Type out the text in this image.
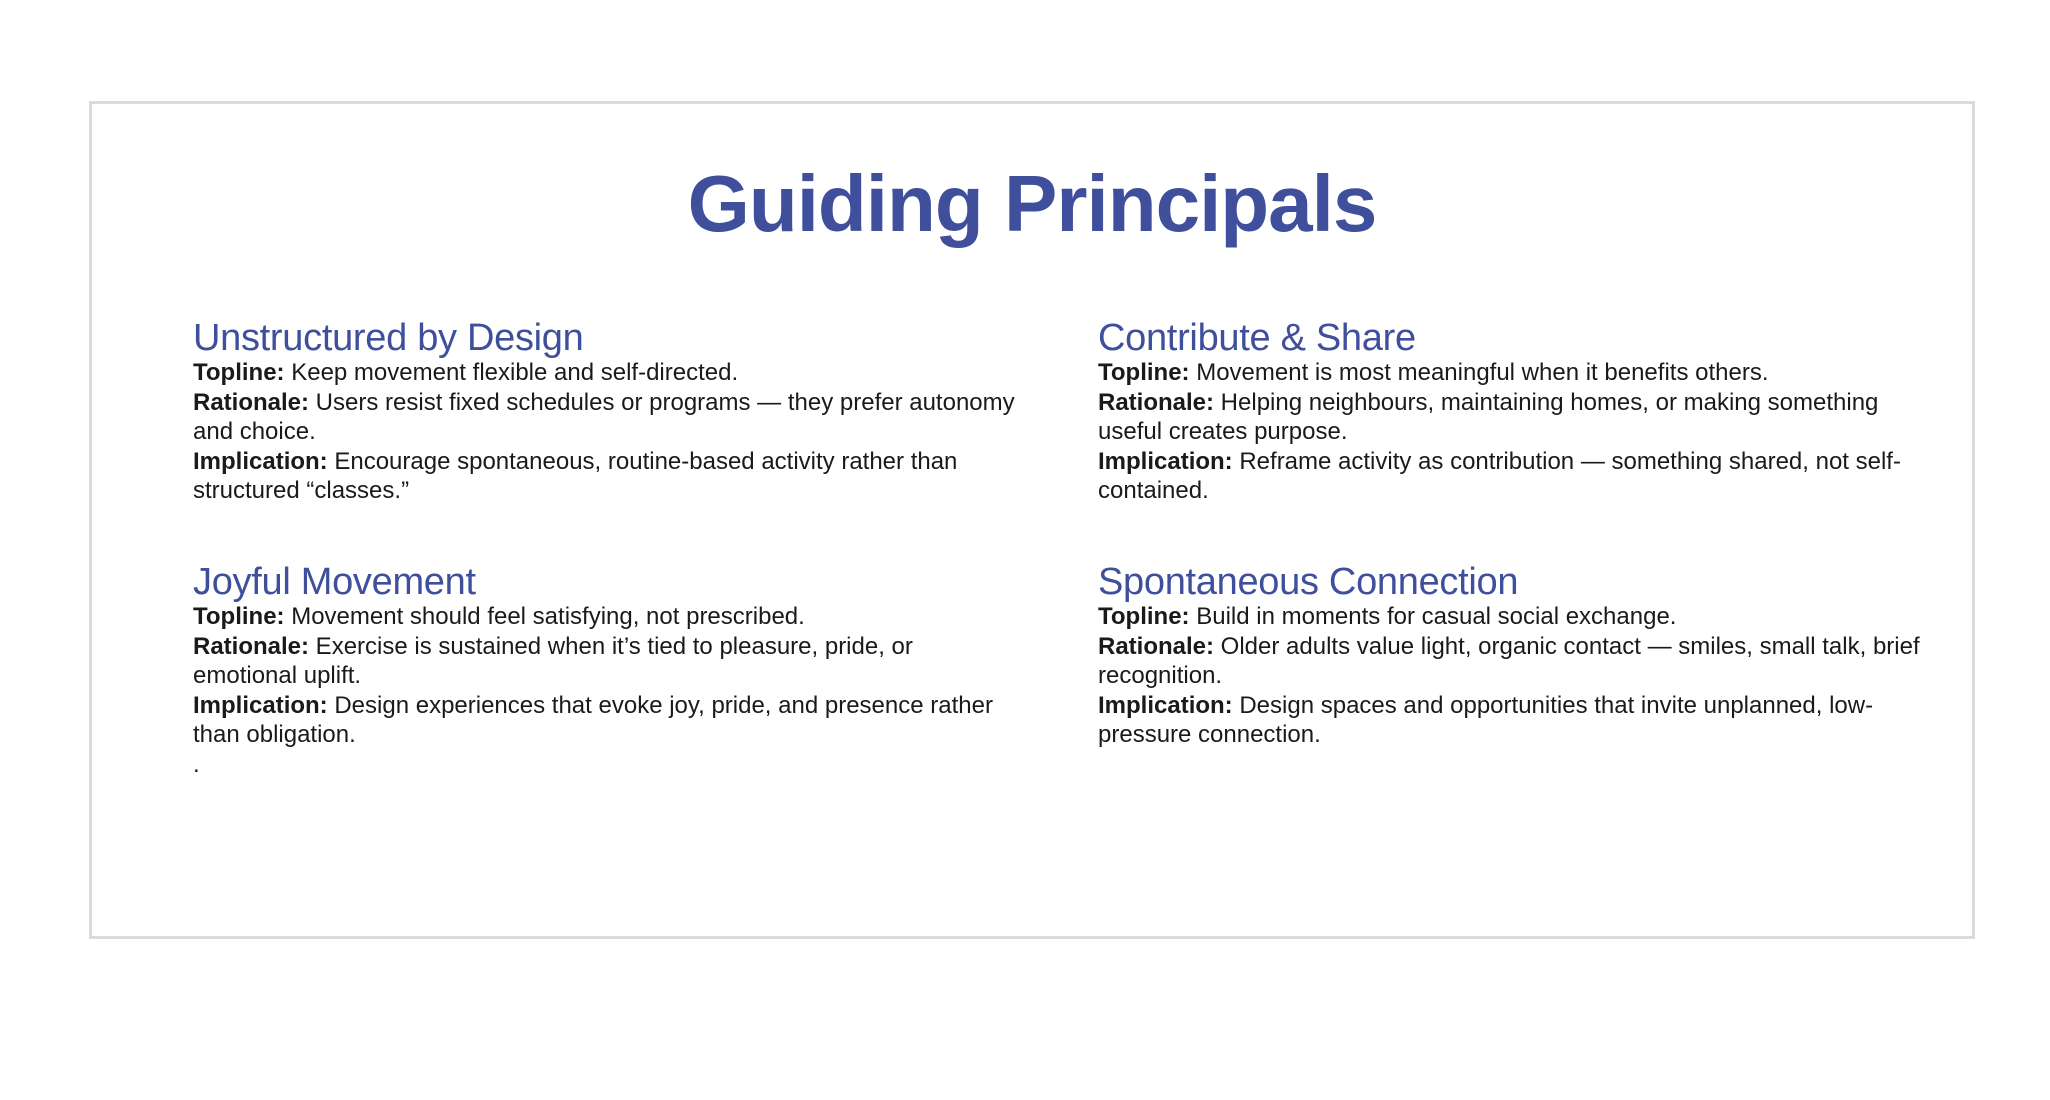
Guiding Principals
Unstructured by Design

Topline: Keep movement flexible and self-directed.

Rationale: Users resist fixed schedules or programs — they prefer autonomy and choice.

Implication: Encourage spontaneous, routine-based activity rather than structured “classes.”

Contribute & Share

Topline: Movement is most meaningful when it benefits others.

Rationale: Helping neighbours, maintaining homes, or making something useful creates purpose.

Implication: Reframe activity as contribution — something shared, not self-contained.

Joyful Movement

Topline: Movement should feel satisfying, not prescribed.

Rationale: Exercise is sustained when it’s tied to pleasure, pride, or emotional uplift.

Implication: Design experiences that evoke joy, pride, and presence rather than obligation.

.

Spontaneous Connection

Topline: Build in moments for casual social exchange.

Rationale: Older adults value light, organic contact — smiles, small talk, brief recognition.

Implication: Design spaces and opportunities that invite unplanned, low-pressure connection.
